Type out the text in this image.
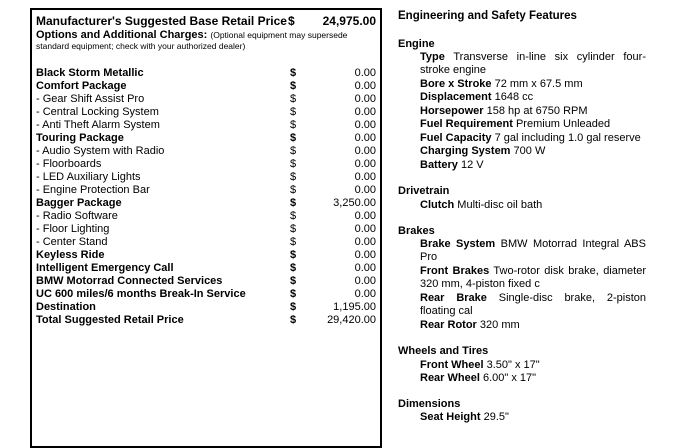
Manufacturer's Suggested Base Retail Price $ 24,975.00
Options and Additional Charges: (Optional equipment may supersede
standard equipment; check with your authorized dealer)
Black Storm Metallic	$	0.00
Comfort Package	$	0.00
- Gear Shift Assist Pro	$	0.00
- Central Locking System	$	0.00
- Anti Theft Alarm System	$	0.00
Touring Package	$	0.00
- Audio System with Radio	$	0.00
- Floorboards	$	0.00
- LED Auxiliary Lights	$	0.00
- Engine Protection Bar	$	0.00
Bagger Package	$	3,250.00
- Radio Software	$	0.00
- Floor Lighting	$	0.00
- Center Stand	$	0.00
Keyless Ride	$	0.00
Intelligent Emergency Call	$	0.00
BMW Motorrad Connected Services	$	0.00
UC 600 miles/6 months Break-In Service	$	0.00
Destination	$	1,195.00
Total Suggested Retail Price	$	29,420.00
Engineering and Safety Features
Engine
Type Transverse in-line six cylinder four-stroke engine
Bore x Stroke 72 mm x 67.5 mm
Displacement 1648 cc
Horsepower 158 hp at 6750 RPM
Fuel Requirement Premium Unleaded
Fuel Capacity 7 gal including 1.0 gal reserve
Charging System 700 W
Battery 12 V
Drivetrain
Clutch Multi-disc oil bath
Brakes
Brake System BMW Motorrad Integral ABS Pro
Front Brakes Two-rotor disk brake, diameter 320 mm, 4-piston fixed c
Rear Brake Single-disc brake, 2-piston floating cal
Rear Rotor 320 mm
Wheels and Tires
Front Wheel 3.50" x 17"
Rear Wheel 6.00" x 17"
Dimensions
Seat Height 29.5"
